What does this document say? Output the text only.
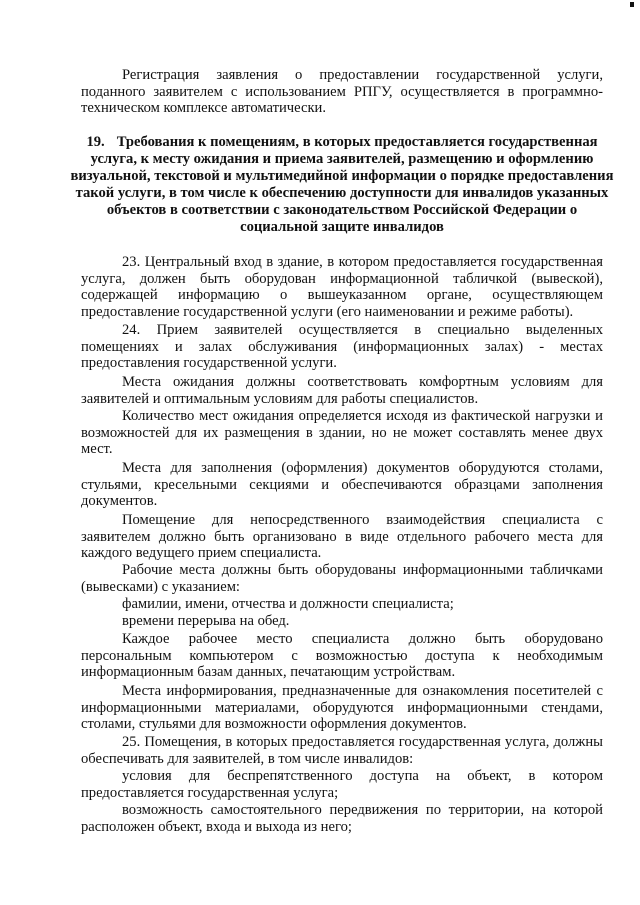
Регистрация заявления о предоставлении государственной услуги, поданного заявителем с использованием РПГУ, осуществляется в программно-техническом комплексе автоматически.
19. Требования к помещениям, в которых предоставляется государственная услуга, к месту ожидания и приема заявителей, размещению и оформлению визуальной, текстовой и мультимедийной информации о порядке предоставления такой услуги, в том числе к обеспечению доступности для инвалидов указанных объектов в соответствии с законодательством Российской Федерации о социальной защите инвалидов
23. Центральный вход в здание, в котором предоставляется государственная услуга, должен быть оборудован информационной табличкой (вывеской), содержащей информацию о вышеуказанном органе, осуществляющем предоставление государственной услуги (его наименовании и режиме работы).
24. Прием заявителей осуществляется в специально выделенных помещениях и залах обслуживания (информационных залах) - местах предоставления государственной услуги.
Места ожидания должны соответствовать комфортным условиям для заявителей и оптимальным условиям для работы специалистов.
Количество мест ожидания определяется исходя из фактической нагрузки и возможностей для их размещения в здании, но не может составлять менее двух мест.
Места для заполнения (оформления) документов оборудуются столами, стульями, кресельными секциями и обеспечиваются образцами заполнения документов.
Помещение для непосредственного взаимодействия специалиста с заявителем должно быть организовано в виде отдельного рабочего места для каждого ведущего прием специалиста.
Рабочие места должны быть оборудованы информационными табличками (вывесками) с указанием:
фамилии, имени, отчества и должности специалиста;
времени перерыва на обед.
Каждое рабочее место специалиста должно быть оборудовано персональным компьютером с возможностью доступа к необходимым информационным базам данных, печатающим устройствам.
Места информирования, предназначенные для ознакомления посетителей с информационными материалами, оборудуются информационными стендами, столами, стульями для возможности оформления документов.
25. Помещения, в которых предоставляется государственная услуга, должны обеспечивать для заявителей, в том числе инвалидов:
условия для беспрепятственного доступа на объект, в котором предоставляется государственная услуга;
возможность самостоятельного передвижения по территории, на которой расположен объект, входа и выхода из него;
